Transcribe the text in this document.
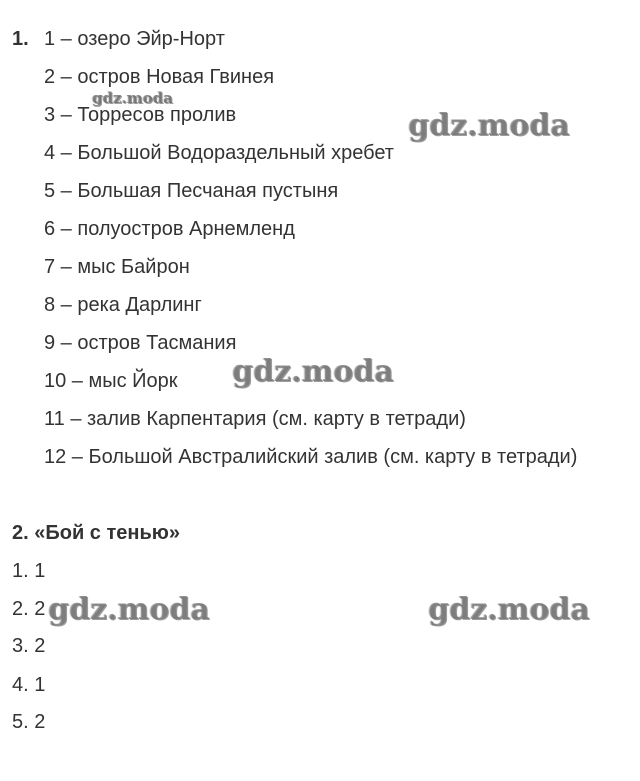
1. 1 – озеро Эйр-Норт
2 – остров Новая Гвинея
3 – Торресов пролив
4 – Большой Водораздельный хребет
5 – Большая Песчаная пустыня
6 – полуостров Арнемленд
7 – мыс Байрон
8 – река Дарлинг
9 – остров Тасмания
10 – мыс Йорк
11 – залив Карпентария (см. карту в тетради)
12 – Большой Австралийский залив (см. карту в тетради)
2. «Бой с тенью»
1. 1
2. 2
3. 2
4. 1
5. 2
gdz.moda
gdz.moda
gdz.moda
gdz.moda	gdz.moda
